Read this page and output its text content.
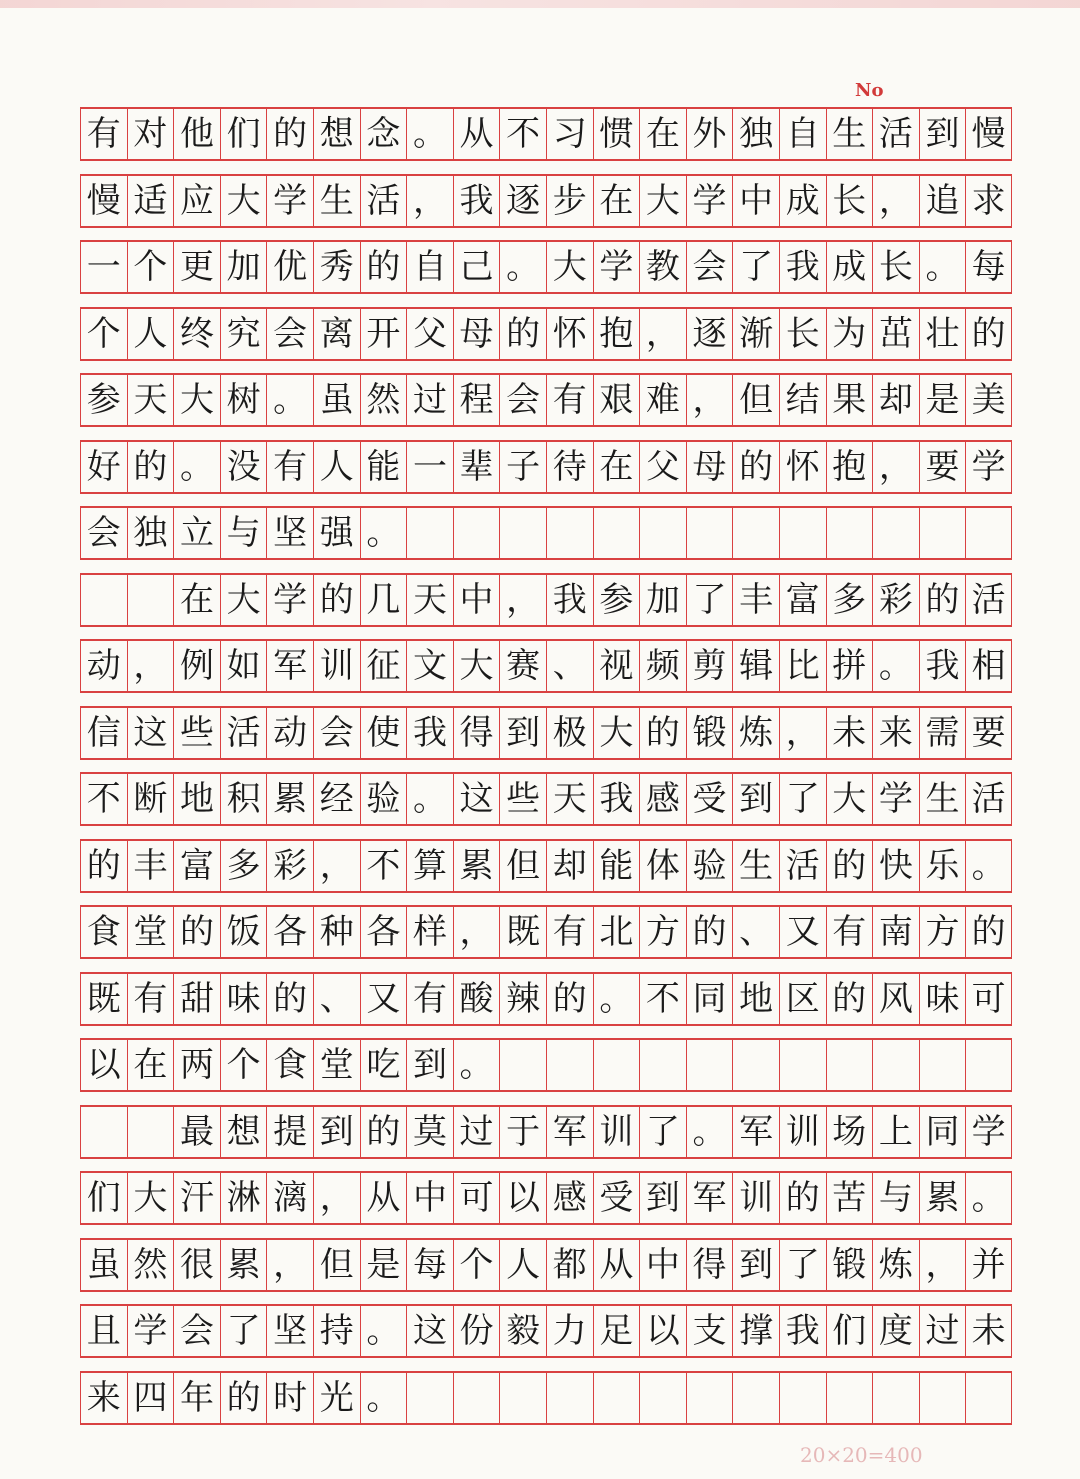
No
有 对 他 们 的 想 念 。 从 不 习 惯 在 外 独 自 生 活 到 慢
慢 适 应 大 学 生 活 ， 我 逐 步 在 大 学 中 成 长 ， 追 求
一 个 更 加 优 秀 的 自 己 。 大 学 教 会 了 我 成 长 。 每
个 人 终 究 会 离 开 父 母 的 怀 抱 ， 逐 渐 长 为 茁 壮 的
参 天 大 树 。 虽 然 过 程 会 有 艰 难 ， 但 结 果 却 是 美
好 的 。 没 有 人 能 一 辈 子 待 在 父 母 的 怀 抱 ， 要 学
会 独 立 与 坚 强 。
在 大 学 的 几 天 中 ， 我 参 加 了 丰 富 多 彩 的 活
动 ， 例 如 军 训 征 文 大 赛 、 视 频 剪 辑 比 拼 。 我 相
信 这 些 活 动 会 使 我 得 到 极 大 的 锻 炼 ， 未 来 需 要
不 断 地 积 累 经 验 。 这 些 天 我 感 受 到 了 大 学 生 活
的 丰 富 多 彩 ， 不 算 累 但 却 能 体 验 生 活 的 快 乐 。
食 堂 的 饭 各 种 各 样 ， 既 有 北 方 的 、 又 有 南 方 的
既 有 甜 味 的 、 又 有 酸 辣 的 。 不 同 地 区 的 风 味 可
以 在 两 个 食 堂 吃 到 。
最 想 提 到 的 莫 过 于 军 训 了 。 军 训 场 上 同 学
们 大 汗 淋 漓 ， 从 中 可 以 感 受 到 军 训 的 苦 与 累 。
虽 然 很 累 ， 但 是 每 个 人 都 从 中 得 到 了 锻 炼 ， 并
且 学 会 了 坚 持 。 这 份 毅 力 足 以 支 撑 我 们 度 过 未
来 四 年 的 时 光 。
20×20=400
